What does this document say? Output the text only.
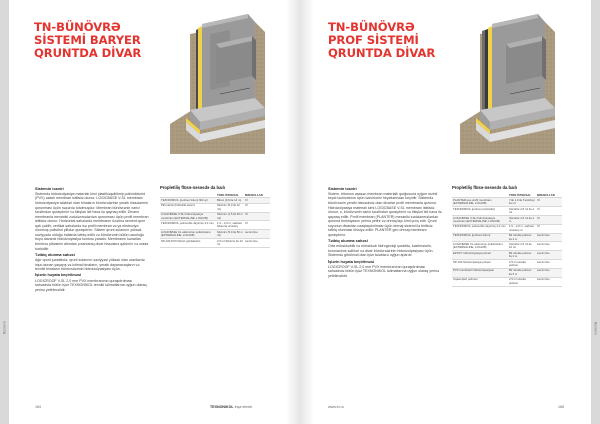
Bünövrə
TN-BÜNÖVRƏ
SİSTEMİ BARYER
QRUNTDA DİVAR
Sistemin təsviri

Sistemdə hidroizolyasiya materialı kimi plastikləşdirilmiş polivinilxlorid (PVX) əsaslı membran istifadə olunur. LOGICBASE V-SL membranı hidroizolyasiya tələbləri olan binaların bünövrələrinin yeraltı hissələrinin qorunması üçün nəzərdə tutulmuşdur. Membran bünövrənin xarici tərəfindən quraşdırılır və tikişləri isti hava ilə qaynaq edilir. Divarın membranla mexaniki zədələnmələrdən qorunması üçün profil membran istifadə olunur. Horizontal sahələrdə membranın üzərinə sement-qum qatı çəkilir, vertikal sahələrdə isə profil membran və ya ekstruziya olunmuş polistirol plitələr quraşdırılır. Sistem qrunt sularının yüksək səviyyədə olduğu hallarda tətbiq edilir və bünövrənin bütün uzunluğu boyu davamlı hidroizolyasiya konturu yaradır. Membranın kənarları bünövrə plitəsinin altından çıxarılaraq divar hissəsinə qaldırılır və orada bərkidilir.

Tətbiq olunma sahəsi

Ağır qrunt şəraitində, qrunt sularının səviyyəsi yüksək olan ərazilərdə inşa olunan yaşayış və ictimai binaların, yeraltı dayanacaqların və texniki binaların bünövrələrinin hidroizolyasiyası üçün.

İşlərin həyata keçirilməsi

LOGICROOF V-SL 2,0 mm PVX membranının quraşdırılması sahəsində bütün işlər TEXNONIKOL texniki təlimatlarına uyğun olaraq yerinə yetirilməlidir.

Propletiliş flüsə-nəsəsdə da baılı
	TƏZE İSTEHSAL	MƏHSULLAR
TEXNONIKOL (polimer bitum) filizi qil	Bitum (0,9 ilə 14 m)	Xİ
Pilit narsis (bütünlük dəmir)	Stivinim (5,0 ilə 12 ml)	Xİ
LOGICBASE V-SL hidroizolyasiya membranı (EXTERNALINE, LOGICB)	Stivinim (1,5 ilə 30 m ml)	Xİ
TEXNONIKOL polimerbis dəyirmiş 4,0 mm	1,5 – 2,0 m, sərbəst fırlanma uzunluq	Xİ
LOGICBASE CL ekstruzion polistirolunu (EXTERNALINE, LOGICB)	Stivinim (5,0 ilə 50 m ml)	Lamin line
SP-100 PVX bitimiz gözlələrinin	2,5 ml Stivinim ilə 10 ml	Lamin line
184	TEXNONIKOL Inşa etmek
Bünövrə
TN-BÜNÖVRƏ
PROF SİSTEMİ
QRUNTDA DİVAR
Sistemin təsviri

Sistem, bitumun əsasən membran materiallı qurğusuna uyğun rezinli keçid təchizatının üçün təsvirlərini heyətlərindən keçirilir. Sistemdə bünövrənin yeraltı hissəsində olan divarlar profil membranla qorunur. Hidroizolyasiya materialı kimi LOGICBASE V-SL membranı istifadə olunur, o, bünövrənin xarici tərəfindən quraşdırılır və tikişləri isti hava ilə qaynaq edilir. Profil membran (PLANTER) mexaniki zədələnmələrdən qoruma funksiyasını yerinə yetirir və drenaj layı kimi çıxış edir. Qrunt suyunun divardan uzaqlaşdırılması üçün drenaj sistemi ilə birlikdə tətbiq olunması tövsiyə edilir. PLANTER geo drenaj membranı quraşdırılır.

Tətbiq olunma sahəsi

Orta mürəkkəblik və mürəkkəb hidrogeoloji şəraitdə, kəsilmələrin, koronavirus səthləri və divar bünövrələrinin hidroizolyasiyası üçün. Sistemdə görülməli olan işlər tələblərə uyğun aparılır.

İşlərin həyata keçirilməsi

LOGICROOF V-SL 2,0 mm PVX membranının quraşdırılması sahəsində bütün işlər TEXNONIKOL təlimatlarına uyğun olaraq yerinə yetirilməlidir.

Propletiliş flüsə-nəsəsdə da baılı
	TƏZE İSTEHSAL	MƏHSULLAR
PLANTER geo profil membranı (EXTERNALINE, LOGICB)	Yük 1,0 ilə Təmizləyi ilə ml	Xİ
TEXNONIKOL (polimer prelimitlə)	Sönürlər 2,5 ml ilə 4 ml	Xİ
LOGICBASE V-SL hidroizolyasiya membranı (EXTERNALINE, LOGICB)	Sönürlər 2,5 ml ilə 4 m	Xİ
TEXNONIKOL polimerbis dəyirmiş 4,0 mm	1,5 – 2,0 m, sərbəst uzunluq ml	Xİ
TEXNONIKOL (polimer bitum)	Bir sürətlə polimer ilə 4 m	Lamin line
LOGICBASE CL ekstruzion polistirolunu (EXTERNALINE, LOGICB)	Sönürlər 2,5 ml ilə 10 ml	Lamin line
EPOXY hidroizolyasiya primeri	Bir sürətlə polimer ilə 2 m	Lamin line
SP-100 hidroizolyasiya primeri	2,5 ml sürətlə polimer	Lamin line
PVX membranlı hidroizolyasiyası	Bir sürətlə polimer ilə 5 m	Lamin line
İnşaat işləri polimeri	2,5 ml sürətlə polimer	Lamin line
www.tn.ru	185
